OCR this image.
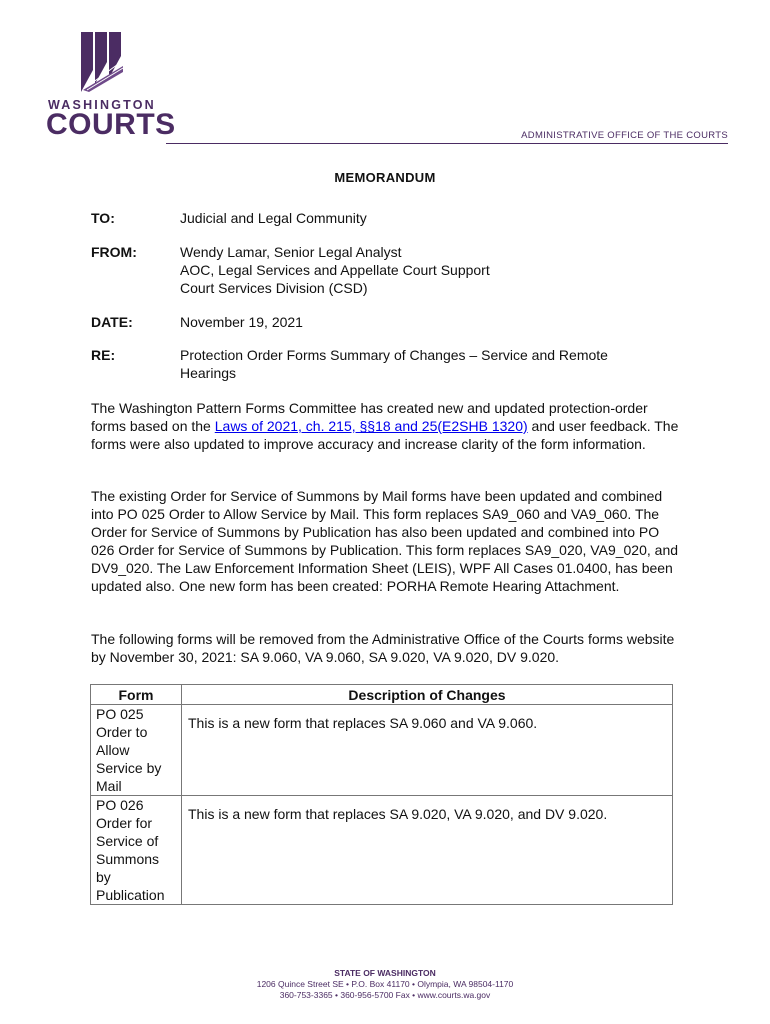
WASHINGTON
COURTS	ADMINISTRATIVE OFFICE OF THE COURTS
MEMORANDUM
TO:	Judicial and Legal Community
FROM:	Wendy Lamar, Senior Legal Analyst
AOC, Legal Services and Appellate Court Support
Court Services Division (CSD)
DATE:	November 19, 2021
RE:	Protection Order Forms Summary of Changes – Service and Remote
Hearings
The Washington Pattern Forms Committee has created new and updated protection-order forms based on the Laws of 2021, ch. 215, §§18 and 25(E2SHB 1320) and user feedback. The forms were also updated to improve accuracy and increase clarity of the form information.
The existing Order for Service of Summons by Mail forms have been updated and combined into PO 025 Order to Allow Service by Mail. This form replaces SA9_060 and VA9_060. The Order for Service of Summons by Publication has also been updated and combined into PO 026 Order for Service of Summons by Publication. This form replaces SA9_020, VA9_020, and DV9_020. The Law Enforcement Information Sheet (LEIS), WPF All Cases 01.0400, has been updated also. One new form has been created: PORHA Remote Hearing Attachment.
The following forms will be removed from the Administrative Office of the Courts forms website by November 30, 2021: SA 9.060, VA 9.060, SA 9.020, VA 9.020, DV 9.020.
Form	Description of Changes
PO 025 Order to Allow Service by Mail	This is a new form that replaces SA 9.060 and VA 9.060.
PO 026 Order for Service of Summons by Publication	This is a new form that replaces SA 9.020, VA 9.020, and DV 9.020.
STATE OF WASHINGTON
1206 Quince Street SE • P.O. Box 41170 • Olympia, WA 98504-1170
360-753-3365 • 360-956-5700 Fax • www.courts.wa.gov
